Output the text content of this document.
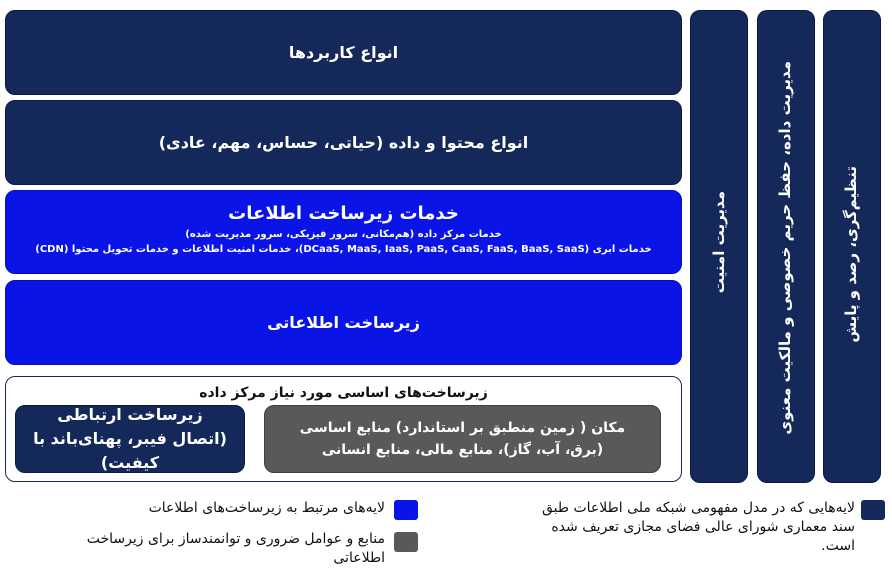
انواع کاربردها
انواع محتوا و داده (حیاتی، حساس، مهم، عادی)
خدمات زیرساخت اطلاعات
خدمات مرکز داده (هم‌مکانی، سرور فیزیکی، سرور مدیریت شده)
خدمات ابری (DCaaS, MaaS, IaaS, PaaS, CaaS, FaaS, BaaS, SaaS)، خدمات امنیت اطلاعات و خدمات تحویل محتوا (CDN)
زیرساخت اطلاعاتی
زیرساخت‌های اساسی مورد نیاز مرکز داده
مکان ( زمین منطبق بر استاندارد) منابع اساسی (برق، آب، گاز)، منابع مالی، منابع انسانی
زیرساخت ارتباطی (اتصال فیبر، پهنای‌باند با کیفیت)
مدیریت امنیت	مدیریت داده، حفظ حریم خصوصی و مالکیت معنوی	تنظیم‌گری، رصد و پایش
لایه‌های مرتبط به زیرساخت‌های اطلاعات
منابع و عوامل ضروری و توانمندساز برای زیرساخت اطلاعاتی
لایه‌هایی که در مدل مفهومی شبکه ملی اطلاعات طبق سند معماری شورای عالی فضای مجازی تعریف شده است.
